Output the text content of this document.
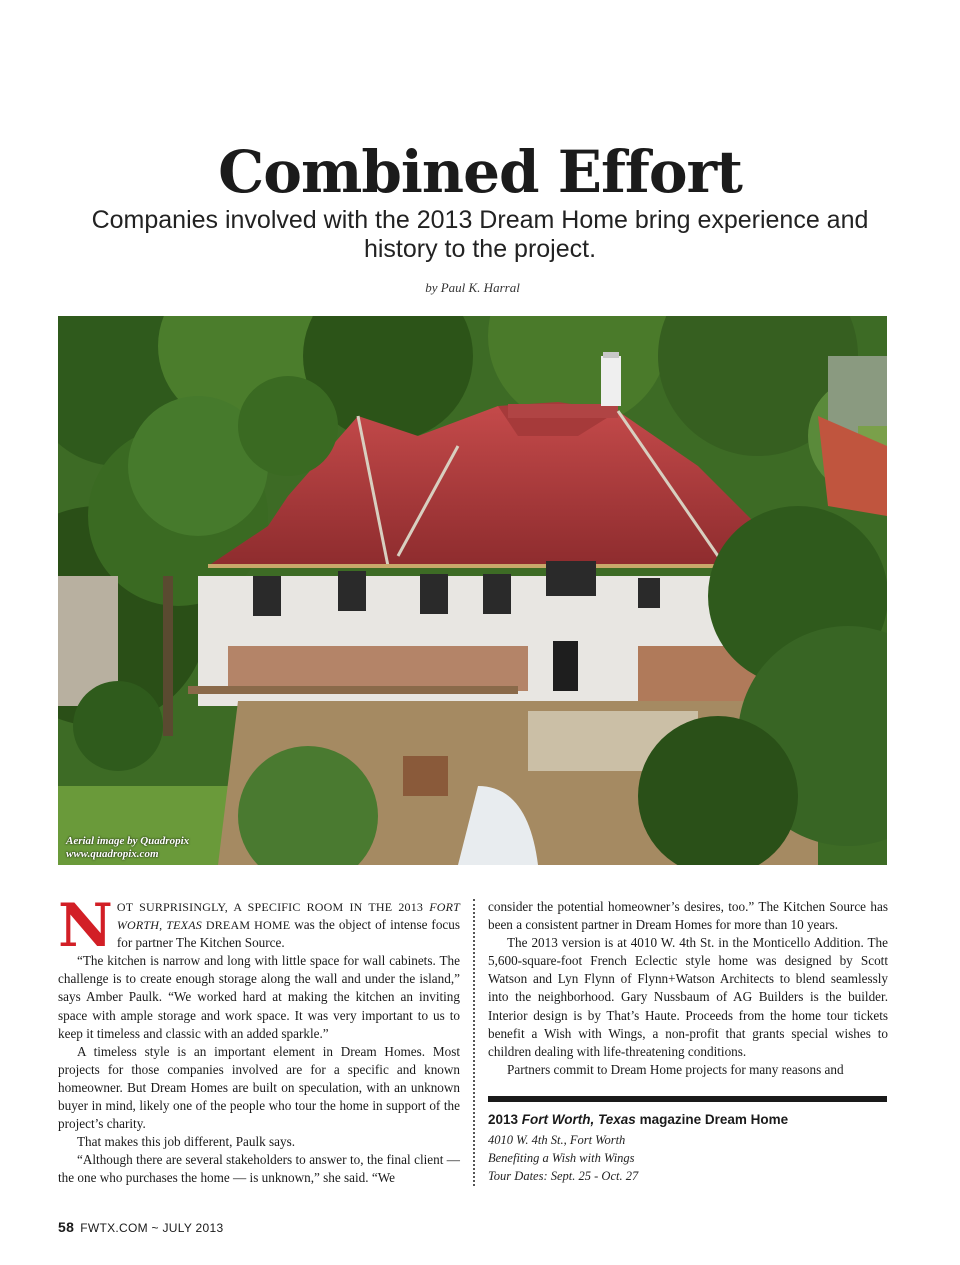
Combined Effort
Companies involved with the 2013 Dream Home bring experience and history to the project.
by Paul K. Harral
Aerial image by Quadropix
www.quadropix.com

NOT SURPRISINGLY, A SPECIFIC ROOM IN THE 2013 FORT WORTH, TEXAS DREAM HOME was the object of intense focus for partner The Kitchen Source.

“The kitchen is narrow and long with little space for wall cabinets. The challenge is to create enough storage along the wall and under the island,” says Amber Paulk. “We worked hard at making the kitchen an inviting space with ample storage and work space. It was very important to us to keep it timeless and classic with an added sparkle.”

A timeless style is an important element in Dream Homes. Most projects for those companies involved are for a specific and known homeowner. But Dream Homes are built on speculation, with an unknown buyer in mind, likely one of the people who tour the home in support of the project’s charity.

That makes this job different, Paulk says.

“Although there are several stakeholders to answer to, the final client — the one who purchases the home — is unknown,” she said. “We

consider the potential homeowner’s desires, too.” The Kitchen Source has been a consistent partner in Dream Homes for more than 10 years.

The 2013 version is at 4010 W. 4th St. in the Monticello Addition. The 5,600-square-foot French Eclectic style home was designed by Scott Watson and Lyn Flynn of Flynn+Watson Architects to blend seamlessly into the neighborhood. Gary Nussbaum of AG Builders is the builder. Interior design is by That’s Haute. Proceeds from the home tour tickets benefit a Wish with Wings, a non-profit that grants special wishes to children dealing with life-threatening conditions.

Partners commit to Dream Home projects for many reasons and

2013 Fort Worth, Texas magazine Dream Home
4010 W. 4th St., Fort Worth
Benefiting a Wish with Wings
Tour Dates: Sept. 25 - Oct. 27
58 FWTX.COM ~ JULY 2013
